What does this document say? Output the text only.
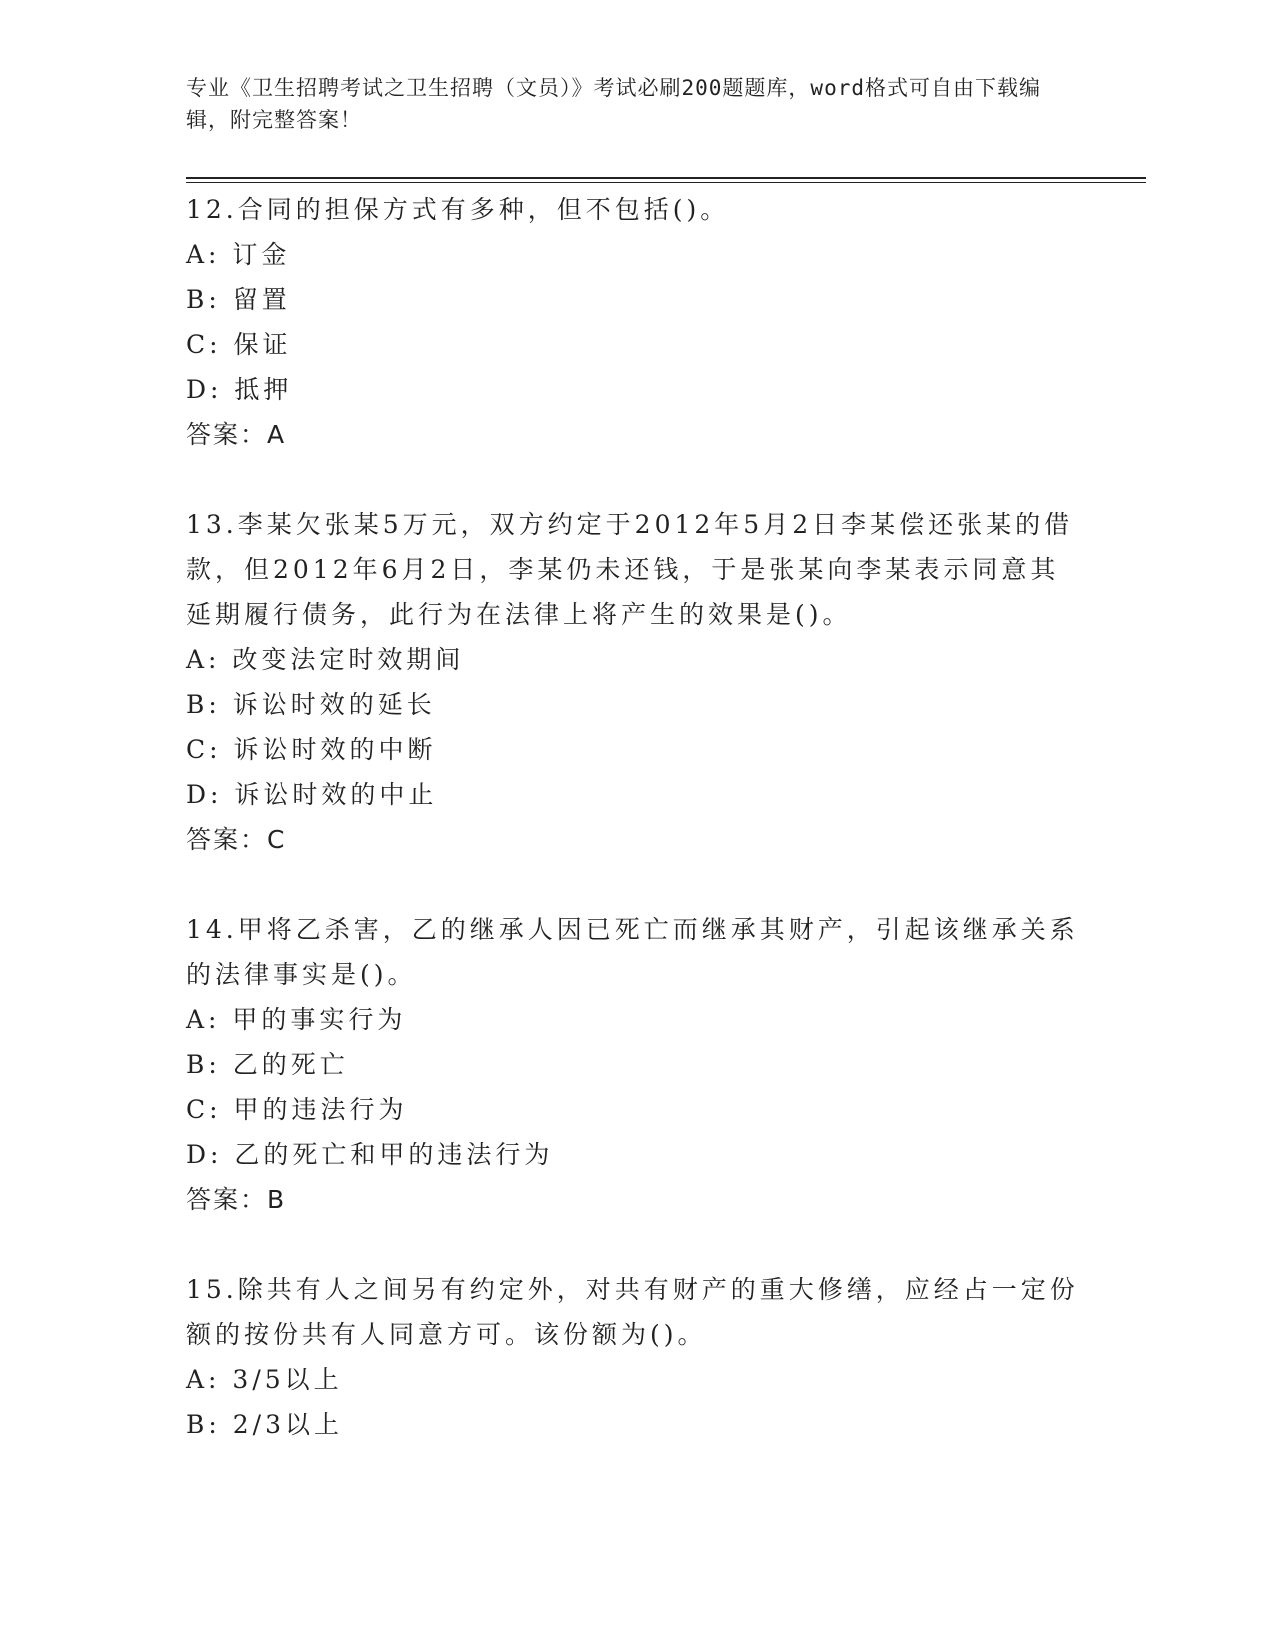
专业《卫生招聘考试之卫生招聘（文员）》考试必刷200题题库，word格式可自由下载编辑，附完整答案！

12.合同的担保方式有多种，但不包括()。

A: 订金

B: 留置

C: 保证

D: 抵押

答案：A

13.李某欠张某5万元，双方约定于2012年5月2日李某偿还张某的借款，但2012年6月2日，李某仍未还钱，于是张某向李某表示同意其延期履行债务，此行为在法律上将产生的效果是()。

A: 改变法定时效期间

B: 诉讼时效的延长

C: 诉讼时效的中断

D: 诉讼时效的中止

答案：C

14.甲将乙杀害，乙的继承人因已死亡而继承其财产，引起该继承关系的法律事实是()。

A: 甲的事实行为

B: 乙的死亡

C: 甲的违法行为

D: 乙的死亡和甲的违法行为

答案：B

15.除共有人之间另有约定外，对共有财产的重大修缮，应经占一定份额的按份共有人同意方可。该份额为()。

A: 3/5以上

B: 2/3以上
